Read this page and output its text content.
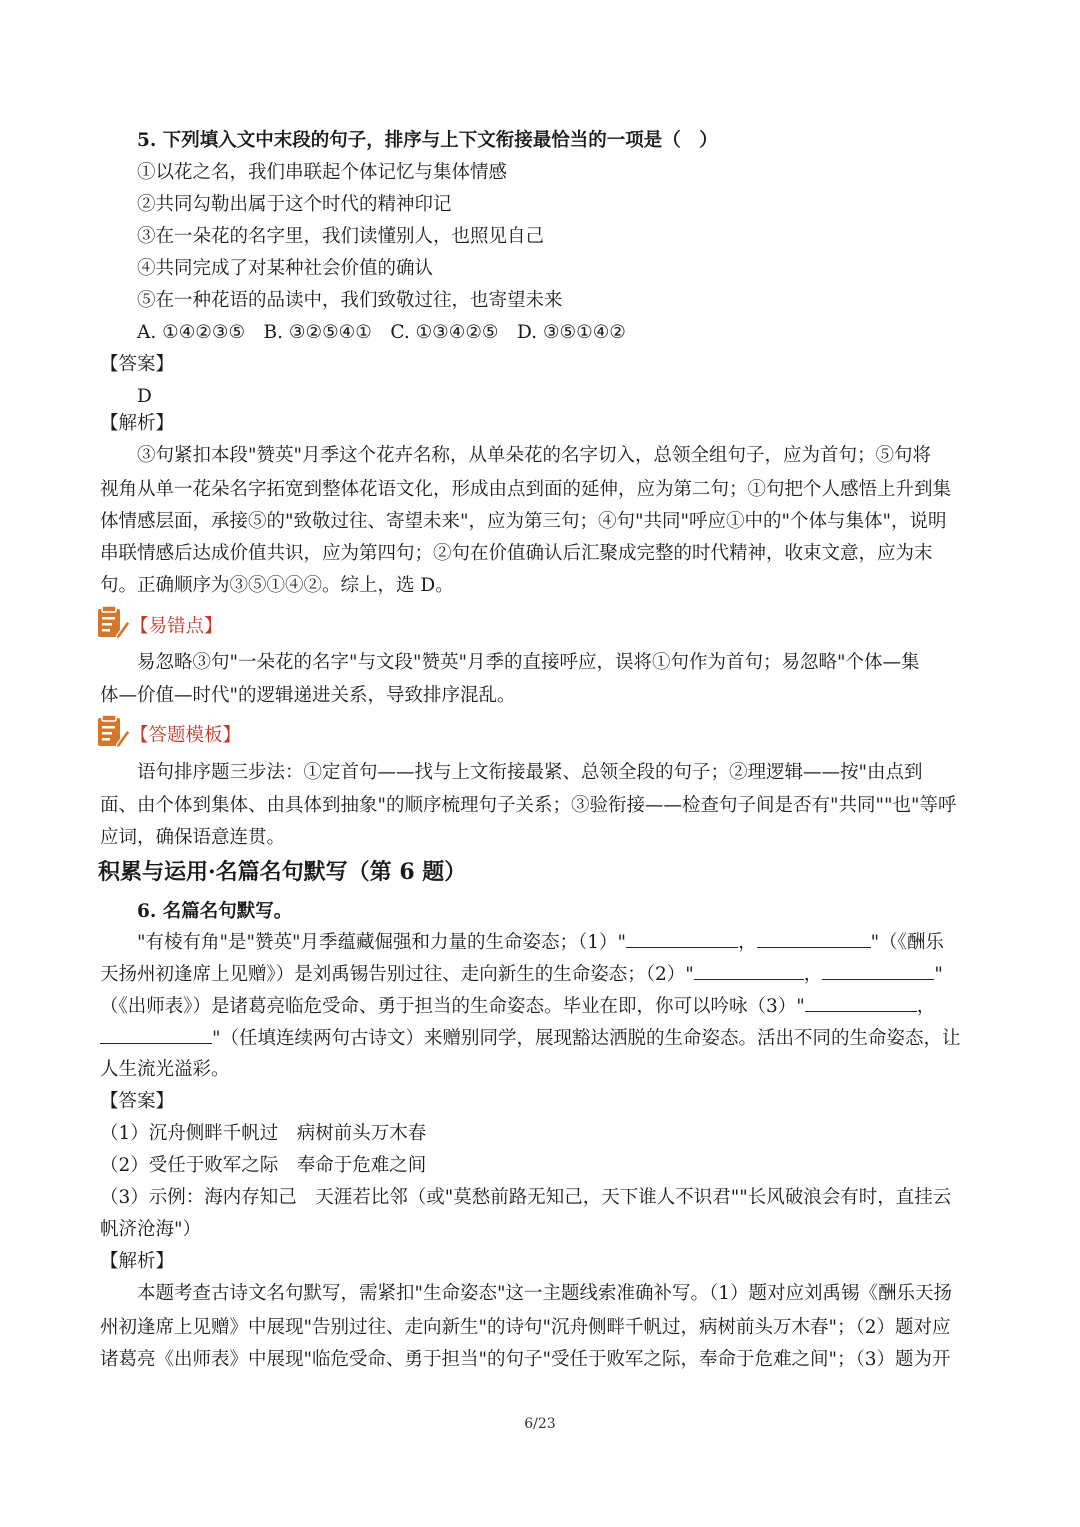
5. 下列填入文中末段的句子，排序与上下文衔接最恰当的一项是（　）
①以花之名，我们串联起个体记忆与集体情感
②共同勾勒出属于这个时代的精神印记
③在一朵花的名字里，我们读懂别人，也照见自己
④共同完成了对某种社会价值的确认
⑤在一种花语的品读中，我们致敬过往，也寄望未来
A. ①④②③⑤　B. ③②⑤④①　C. ①③④②⑤　D. ③⑤①④②
【答案】
D
【解析】
③句紧扣本段"赞英"月季这个花卉名称，从单朵花的名字切入，总领全组句子，应为首句；⑤句将
视角从单一花朵名字拓宽到整体花语文化，形成由点到面的延伸，应为第二句；①句把个人感悟上升到集
体情感层面，承接⑤的"致敬过往、寄望未来"，应为第三句；④句"共同"呼应①中的"个体与集体"，说明
串联情感后达成价值共识，应为第四句；②句在价值确认后汇聚成完整的时代精神，收束文意，应为末
句。正确顺序为③⑤①④②。综上，选 D。
【易错点】
易忽略③句"一朵花的名字"与文段"赞英"月季的直接呼应，误将①句作为首句；易忽略"个体—集
体—价值—时代"的逻辑递进关系，导致排序混乱。
【答题模板】
语句排序题三步法：①定首句——找与上文衔接最紧、总领全段的句子；②理逻辑——按"由点到
面、由个体到集体、由具体到抽象"的顺序梳理句子关系；③验衔接——检查句子间是否有"共同""也"等呼
应词，确保语意连贯。
积累与运用·名篇名句默写（第 6 题）
6. 名篇名句默写。
"有棱有角"是"赞英"月季蕴藏倔强和力量的生命姿态；（1）"	，	"（《酬乐
天扬州初逢席上见赠》）是刘禹锡告别过往、走向新生的生命姿态；（2）"	，	"
（《出师表》）是诸葛亮临危受命、勇于担当的生命姿态。毕业在即，你可以吟咏（3）"	，
"（任填连续两句古诗文）来赠别同学，展现豁达洒脱的生命姿态。活出不同的生命姿态，让
人生流光溢彩。
【答案】
（1）沉舟侧畔千帆过　病树前头万木春
（2）受任于败军之际　奉命于危难之间
（3）示例：海内存知己　天涯若比邻（或"莫愁前路无知己，天下谁人不识君""长风破浪会有时，直挂云
帆济沧海"）
【解析】
本题考查古诗文名句默写，需紧扣"生命姿态"这一主题线索准确补写。（1）题对应刘禹锡《酬乐天扬
州初逢席上见赠》中展现"告别过往、走向新生"的诗句"沉舟侧畔千帆过，病树前头万木春"；（2）题对应
诸葛亮《出师表》中展现"临危受命、勇于担当"的句子"受任于败军之际，奉命于危难之间"；（3）题为开
6/23
